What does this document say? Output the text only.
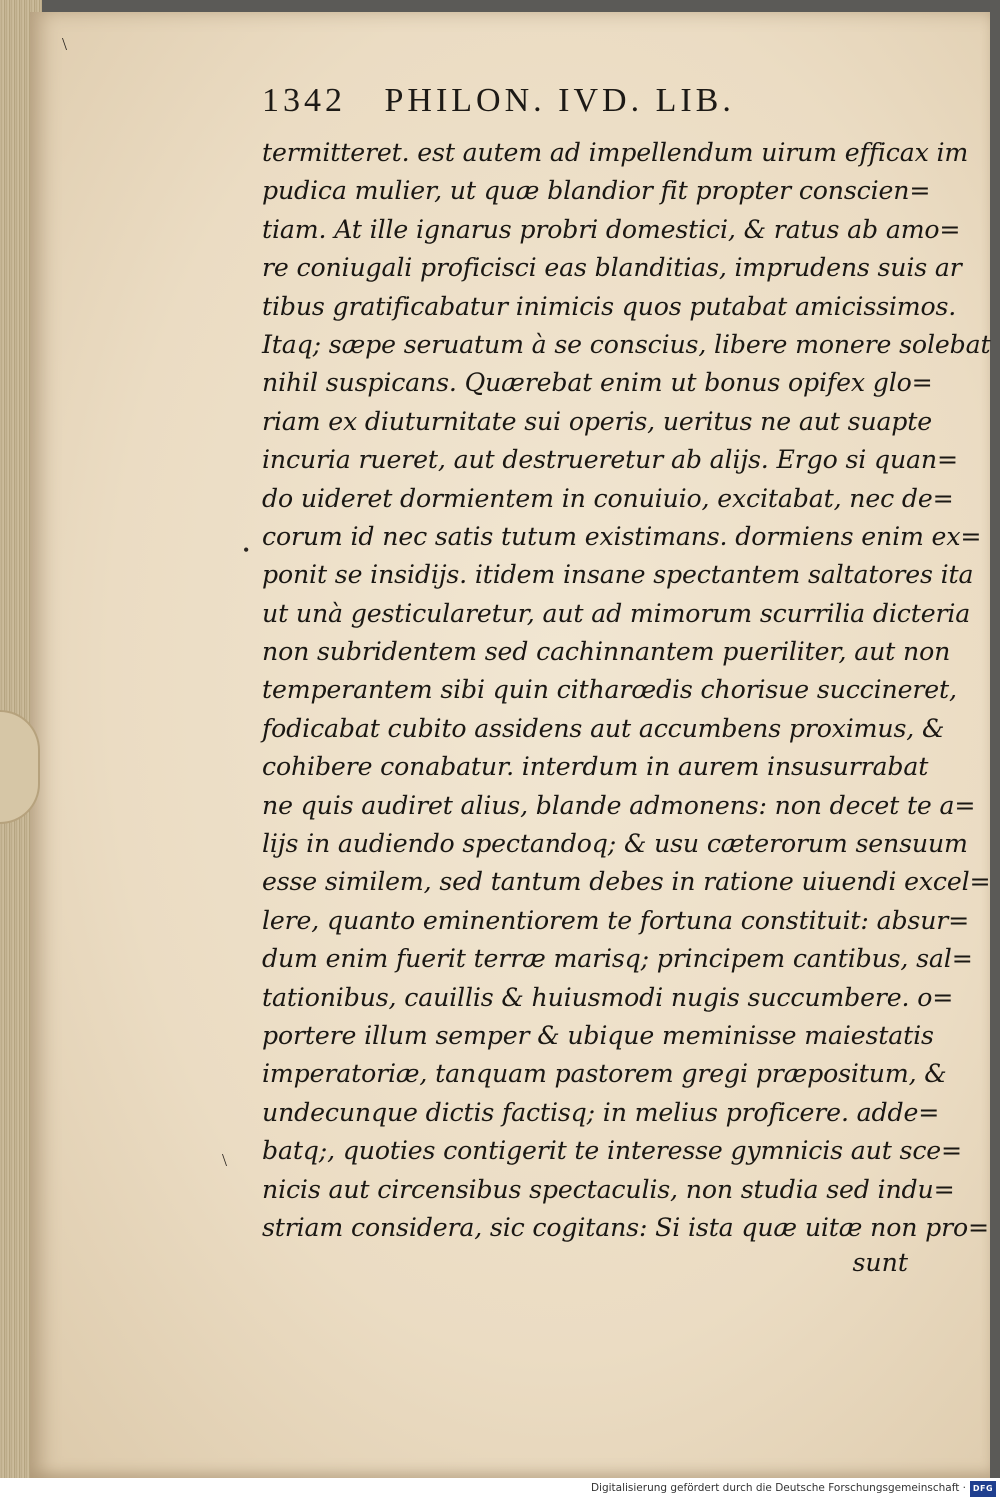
1342 PHILON. IVD. LIB.
termitteret. est autem ad impellendum uirum efficax im
pudica mulier, ut quæ blandior fit propter conscien=
tiam. At ille ignarus probri domestici, & ratus ab amo=
re coniugali proficisci eas blanditias, imprudens suis ar
tibus gratificabatur inimicis quos putabat amicissimos.
Itaq; sæpe seruatum à se conscius, libere monere solebat
nihil suspicans. Quærebat enim ut bonus opifex glo=
riam ex diuturnitate sui operis, ueritus ne aut suapte
incuria rueret, aut destrueretur ab alijs. Ergo si quan=
do uideret dormientem in conuiuio, excitabat, nec de=
corum id nec satis tutum existimans. dormiens enim ex=
ponit se insidijs. itidem insane spectantem saltatores ita
ut unà gesticularetur, aut ad mimorum scurrilia dicteria
non subridentem sed cachinnantem pueriliter, aut non
temperantem sibi quin citharœdis chorisue succineret,
fodicabat cubito assidens aut accumbens proximus, &
cohibere conabatur. interdum in aurem insusurrabat
ne quis audiret alius, blande admonens: non decet te a=
lijs in audiendo spectandoq; & usu cæterorum sensuum
esse similem, sed tantum debes in ratione uiuendi excel=
lere, quanto eminentiorem te fortuna constituit: absur=
dum enim fuerit terræ marisq; principem cantibus, sal=
tationibus, cauillis & huiusmodi nugis succumbere. o=
portere illum semper & ubique meminisse maiestatis
imperatoriæ, tanquam pastorem gregi præpositum, &
undecunque dictis factisq; in melius proficere. adde=
batq;, quoties contigerit te interesse gymnicis aut sce=
nicis aut circensibus spectaculis, non studia sed indu=
striam considera, sic cogitans: Si ista quæ uitæ non pro=
sunt
•
\
\
Digitalisierung gefördert durch die Deutsche Forschungsgemeinschaft · DFG
